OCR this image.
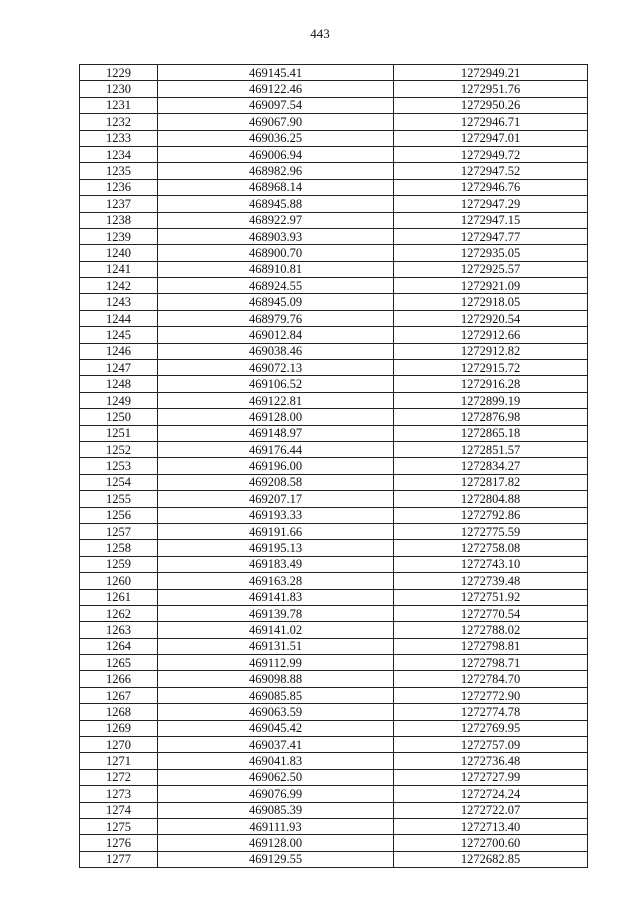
443
1229	469145.41	1272949.21
1230	469122.46	1272951.76
1231	469097.54	1272950.26
1232	469067.90	1272946.71
1233	469036.25	1272947.01
1234	469006.94	1272949.72
1235	468982.96	1272947.52
1236	468968.14	1272946.76
1237	468945.88	1272947.29
1238	468922.97	1272947.15
1239	468903.93	1272947.77
1240	468900.70	1272935.05
1241	468910.81	1272925.57
1242	468924.55	1272921.09
1243	468945.09	1272918.05
1244	468979.76	1272920.54
1245	469012.84	1272912.66
1246	469038.46	1272912.82
1247	469072.13	1272915.72
1248	469106.52	1272916.28
1249	469122.81	1272899.19
1250	469128.00	1272876.98
1251	469148.97	1272865.18
1252	469176.44	1272851.57
1253	469196.00	1272834.27
1254	469208.58	1272817.82
1255	469207.17	1272804.88
1256	469193.33	1272792.86
1257	469191.66	1272775.59
1258	469195.13	1272758.08
1259	469183.49	1272743.10
1260	469163.28	1272739.48
1261	469141.83	1272751.92
1262	469139.78	1272770.54
1263	469141.02	1272788.02
1264	469131.51	1272798.81
1265	469112.99	1272798.71
1266	469098.88	1272784.70
1267	469085.85	1272772.90
1268	469063.59	1272774.78
1269	469045.42	1272769.95
1270	469037.41	1272757.09
1271	469041.83	1272736.48
1272	469062.50	1272727.99
1273	469076.99	1272724.24
1274	469085.39	1272722.07
1275	469111.93	1272713.40
1276	469128.00	1272700.60
1277	469129.55	1272682.85
